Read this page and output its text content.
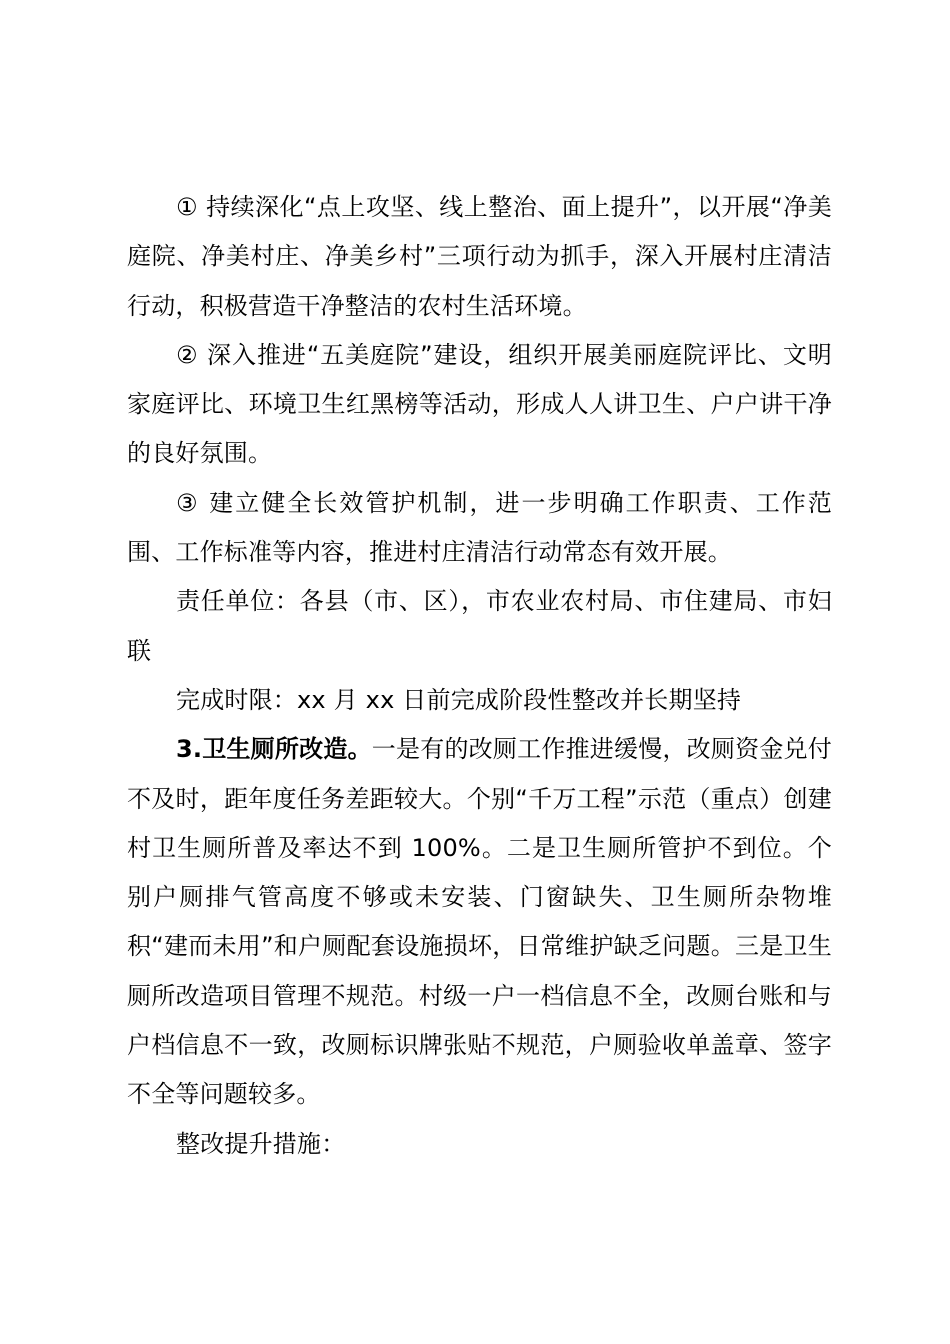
① 持续深化“点上攻坚、线上整治、面上提升”，以开展“净美庭院、净美村庄、净美乡村”三项行动为抓手，深入开展村庄清洁行动，积极营造干净整洁的农村生活环境。

② 深入推进“五美庭院”建设，组织开展美丽庭院评比、文明家庭评比、环境卫生红黑榜等活动，形成人人讲卫生、户户讲干净的良好氛围。

③ 建立健全长效管护机制，进一步明确工作职责、工作范围、工作标准等内容，推进村庄清洁行动常态有效开展。

责任单位：各县（市、区），市农业农村局、市住建局、市妇联

完成时限：xx 月 xx 日前完成阶段性整改并长期坚持

3.卫生厕所改造。一是有的改厕工作推进缓慢，改厕资金兑付不及时，距年度任务差距较大。个别“千万工程”示范（重点）创建村卫生厕所普及率达不到 100%。二是卫生厕所管护不到位。个别户厕排气管高度不够或未安装、门窗缺失、卫生厕所杂物堆积“建而未用”和户厕配套设施损坏，日常维护缺乏问题。三是卫生厕所改造项目管理不规范。村级一户一档信息不全，改厕台账和与户档信息不一致，改厕标识牌张贴不规范，户厕验收单盖章、签字不全等问题较多。

整改提升措施：
